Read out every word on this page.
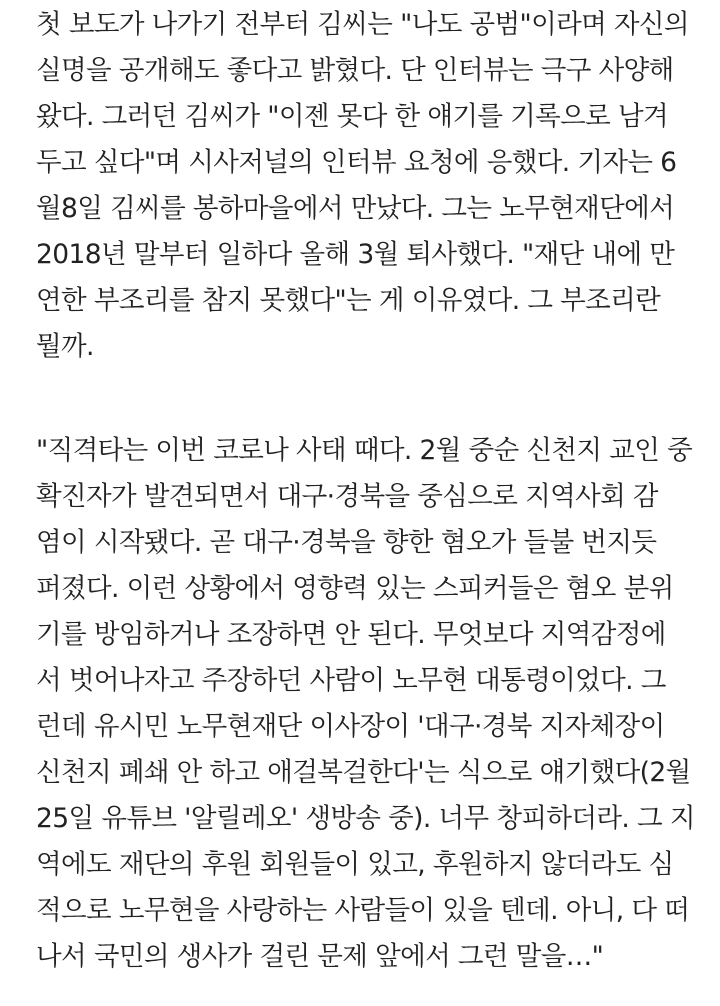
첫 보도가 나가기 전부터 김씨는 "나도 공범"이라며 자신의
실명을 공개해도 좋다고 밝혔다. 단 인터뷰는 극구 사양해
왔다. 그러던 김씨가 "이젠 못다 한 얘기를 기록으로 남겨
두고 싶다"며 시사저널의 인터뷰 요청에 응했다. 기자는 6
월8일 김씨를 봉하마을에서 만났다. 그는 노무현재단에서
2018년 말부터 일하다 올해 3월 퇴사했다. "재단 내에 만
연한 부조리를 참지 못했다"는 게 이유였다. 그 부조리란
뭘까.
"직격타는 이번 코로나 사태 때다. 2월 중순 신천지 교인 중
확진자가 발견되면서 대구·경북을 중심으로 지역사회 감
염이 시작됐다. 곧 대구·경북을 향한 혐오가 들불 번지듯
퍼졌다. 이런 상황에서 영향력 있는 스피커들은 혐오 분위
기를 방임하거나 조장하면 안 된다. 무엇보다 지역감정에
서 벗어나자고 주장하던 사람이 노무현 대통령이었다. 그
런데 유시민 노무현재단 이사장이 '대구·경북 지자체장이
신천지 폐쇄 안 하고 애걸복걸한다'는 식으로 얘기했다(2월
25일 유튜브 '알릴레오' 생방송 중). 너무 창피하더라. 그 지
역에도 재단의 후원 회원들이 있고, 후원하지 않더라도 심
적으로 노무현을 사랑하는 사람들이 있을 텐데. 아니, 다 떠
나서 국민의 생사가 걸린 문제 앞에서 그런 말을…"
